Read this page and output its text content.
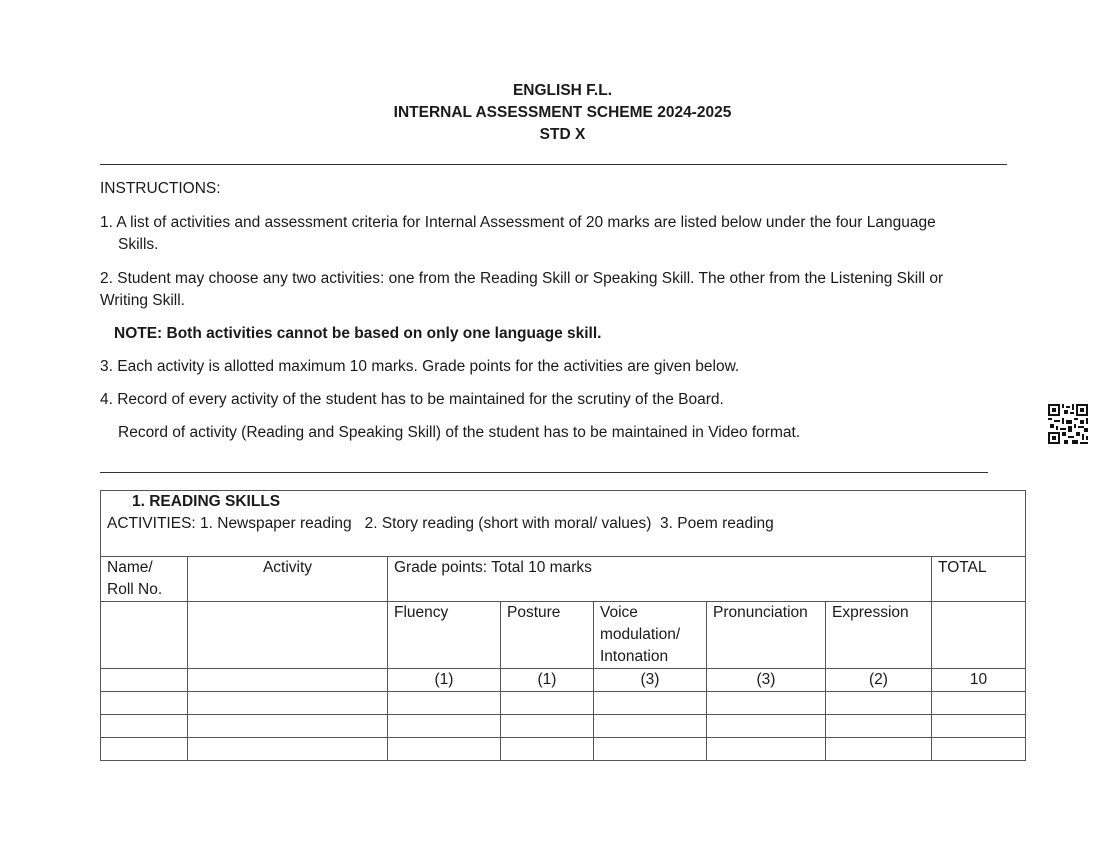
ENGLISH F.L.
INTERNAL ASSESSMENT SCHEME 2024-2025
STD X
INSTRUCTIONS:
1. A list of activities and assessment criteria for Internal Assessment of 20 marks are listed below under the four Language
Skills.
2. Student may choose any two activities: one from the Reading Skill or Speaking Skill. The other from the Listening Skill or
Writing Skill.
NOTE: Both activities cannot be based on only one language skill.
3. Each activity is allotted maximum 10 marks. Grade points for the activities are given below.
4. Record of every activity of the student has to be maintained for the scrutiny of the Board.
Record of activity (Reading and Speaking Skill) of the student has to be maintained in Video format.
1. READING SKILLS
ACTIVITIES: 1. Newspaper reading   2. Story reading (short with moral/ values)  3. Poem reading							

Name/ Roll No.	Activity	Grade points: Total 10 marks					TOTAL
		Fluency	Posture	Voice modulation/ Intonation	Pronunciation	Expression	
		(1)	(1)	(3)	(3)	(2)	10
